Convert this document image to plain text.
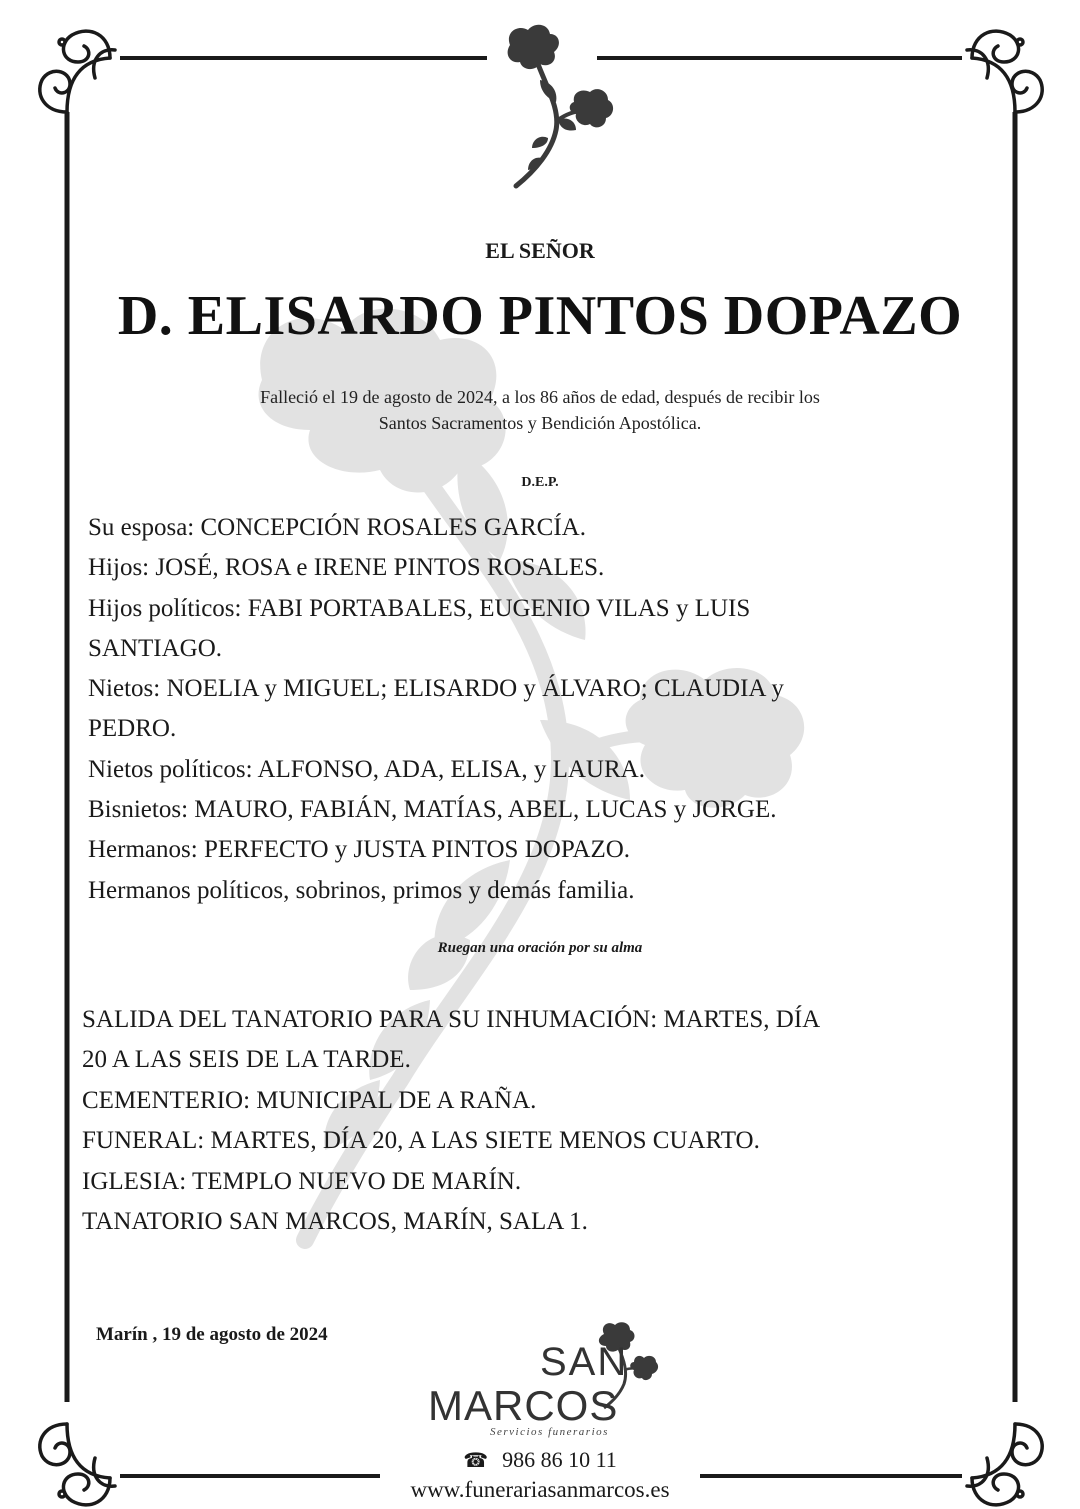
EL SEÑOR
D. ELISARDO PINTOS DOPAZO
Falleció el 19 de agosto de 2024, a los 86 años de edad, después de recibir los
Santos Sacramentos y Bendición Apostólica.
D.E.P.
Su esposa: CONCEPCIÓN ROSALES GARCÍA.
Hijos: JOSÉ, ROSA e IRENE PINTOS ROSALES.
Hijos políticos: FABI PORTABALES, EUGENIO VILAS y LUIS
SANTIAGO.
Nietos: NOELIA y MIGUEL; ELISARDO y ÁLVARO; CLAUDIA y
PEDRO.
Nietos políticos: ALFONSO, ADA, ELISA, y LAURA.
Bisnietos: MAURO, FABIÁN, MATÍAS, ABEL, LUCAS y JORGE.
Hermanos: PERFECTO y JUSTA PINTOS DOPAZO.
Hermanos políticos, sobrinos, primos y demás familia.
Ruegan una oración por su alma
SALIDA DEL TANATORIO PARA SU INHUMACIÓN: MARTES, DÍA
20 A LAS SEIS DE LA TARDE.
CEMENTERIO: MUNICIPAL DE A RAÑA.
FUNERAL: MARTES, DÍA 20, A LAS SIETE MENOS CUARTO.
IGLESIA: TEMPLO NUEVO DE MARÍN.
TANATORIO SAN MARCOS, MARÍN, SALA 1.
Marín , 19 de agosto de 2024
SAN
MARCOS
Servicios funerarios
☎ 986 86 10 11
www.funerariasanmarcos.es
